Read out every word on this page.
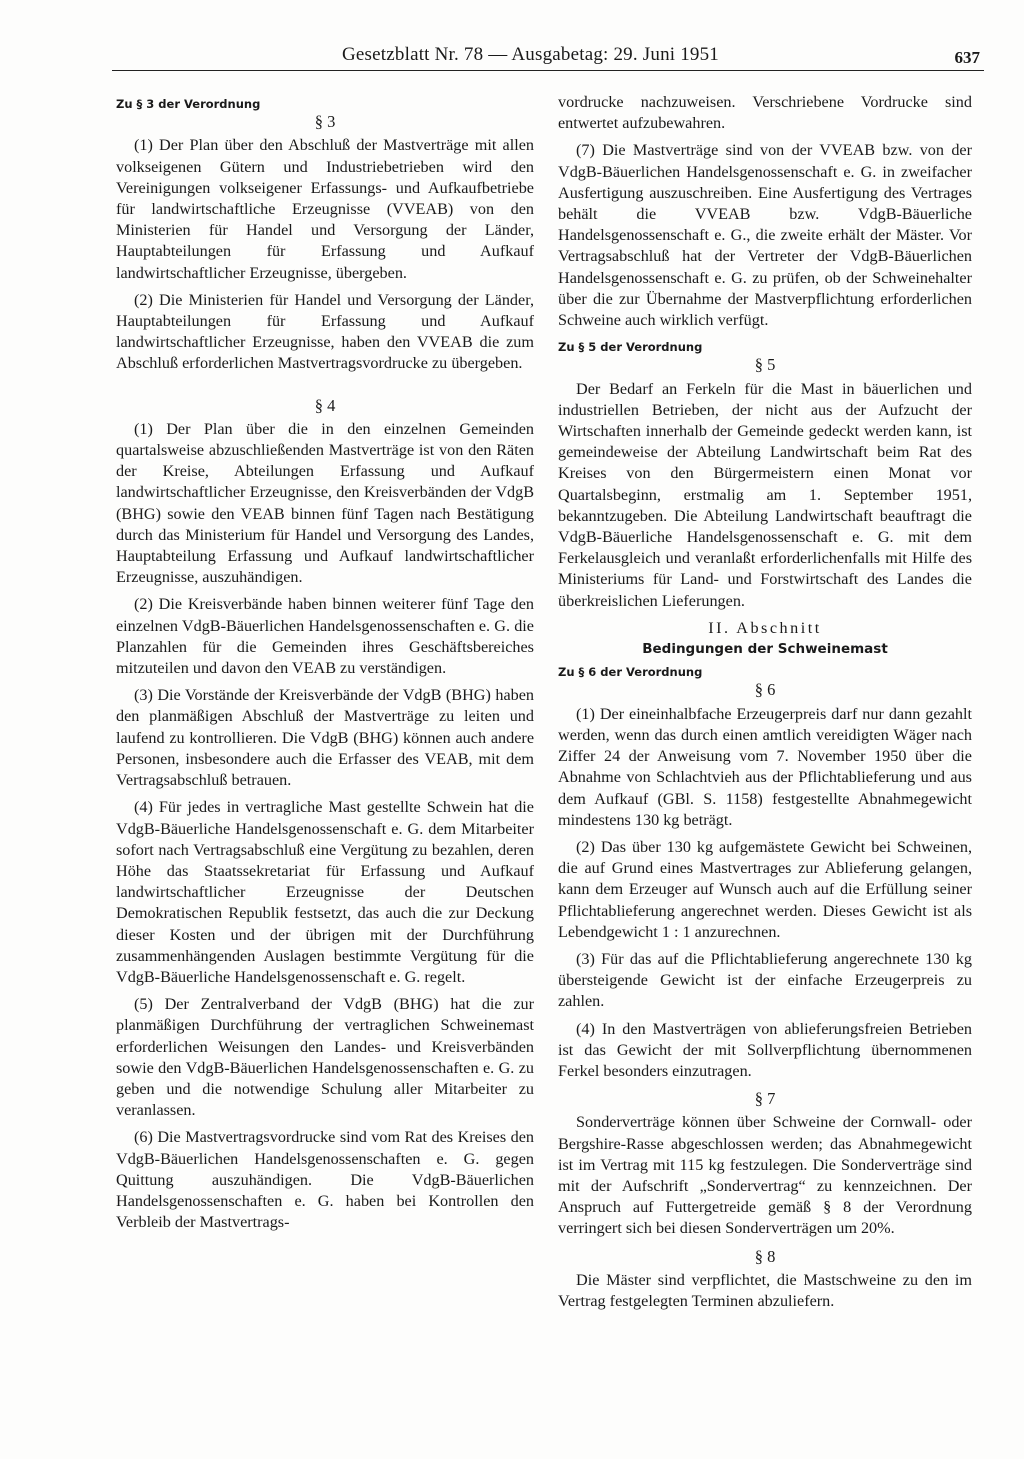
Gesetzblatt Nr. 78 — Ausgabetag: 29. Juni 1951	637
Zu § 3 der Verordnung
§ 3

(1) Der Plan über den Abschluß der Mastverträge mit allen volkseigenen Gütern und Industriebetrieben wird den Vereinigungen volkseigener Erfassungs- und Aufkaufbetriebe für landwirtschaftliche Erzeugnisse (VVEAB) von den Ministerien für Handel und Versorgung der Länder, Hauptabteilungen für Erfassung und Aufkauf landwirtschaftlicher Erzeugnisse, übergeben.

(2) Die Ministerien für Handel und Versorgung der Länder, Hauptabteilungen für Erfassung und Aufkauf landwirtschaftlicher Erzeugnisse, haben den VVEAB die zum Abschluß erforderlichen Mastvertragsvordrucke zu übergeben.

§ 4

(1) Der Plan über die in den einzelnen Gemeinden quartalsweise abzuschließenden Mastverträge ist von den Räten der Kreise, Abteilungen Erfassung und Aufkauf landwirtschaftlicher Erzeugnisse, den Kreisverbänden der VdgB (BHG) sowie den VEAB binnen fünf Tagen nach Bestätigung durch das Ministerium für Handel und Versorgung des Landes, Hauptabteilung Erfassung und Aufkauf landwirtschaftlicher Erzeugnisse, auszuhändigen.

(2) Die Kreisverbände haben binnen weiterer fünf Tage den einzelnen VdgB-Bäuerlichen Handelsgenossenschaften e. G. die Planzahlen für die Gemeinden ihres Geschäftsbereiches mitzuteilen und davon den VEAB zu verständigen.

(3) Die Vorstände der Kreisverbände der VdgB (BHG) haben den planmäßigen Abschluß der Mastverträge zu leiten und laufend zu kontrollieren. Die VdgB (BHG) können auch andere Personen, insbesondere auch die Erfasser des VEAB, mit dem Vertragsabschluß betrauen.

(4) Für jedes in vertragliche Mast gestellte Schwein hat die VdgB-Bäuerliche Handelsgenossenschaft e. G. dem Mitarbeiter sofort nach Vertragsabschluß eine Vergütung zu bezahlen, deren Höhe das Staatssekretariat für Erfassung und Aufkauf landwirtschaftlicher Erzeugnisse der Deutschen Demokratischen Republik festsetzt, das auch die zur Deckung dieser Kosten und der übrigen mit der Durchführung zusammenhängenden Auslagen bestimmte Vergütung für die VdgB-Bäuerliche Handelsgenossenschaft e. G. regelt.

(5) Der Zentralverband der VdgB (BHG) hat die zur planmäßigen Durchführung der vertraglichen Schweinemast erforderlichen Weisungen den Landes- und Kreisverbänden sowie den VdgB-Bäuerlichen Handelsgenossenschaften e. G. zu geben und die notwendige Schulung aller Mitarbeiter zu veranlassen.

(6) Die Mastvertragsvordrucke sind vom Rat des Kreises den VdgB-Bäuerlichen Handelsgenossenschaften e. G. gegen Quittung auszuhändigen. Die VdgB-Bäuerlichen Handelsgenossenschaften e. G. haben bei Kontrollen den Verbleib der Mastvertrags-

vordrucke nachzuweisen. Verschriebene Vordrucke sind entwertet aufzubewahren.

(7) Die Mastverträge sind von der VVEAB bzw. von der VdgB-Bäuerlichen Handelsgenossenschaft e. G. in zweifacher Ausfertigung auszuschreiben. Eine Ausfertigung des Vertrages behält die VVEAB bzw. VdgB-Bäuerliche Handelsgenossenschaft e. G., die zweite erhält der Mäster. Vor Vertragsabschluß hat der Vertreter der VdgB-Bäuerlichen Handelsgenossenschaft e. G. zu prüfen, ob der Schweinehalter über die zur Übernahme der Mastverpflichtung erforderlichen Schweine auch wirklich verfügt.

Zu § 5 der Verordnung
§ 5

Der Bedarf an Ferkeln für die Mast in bäuerlichen und industriellen Betrieben, der nicht aus der Aufzucht der Wirtschaften innerhalb der Gemeinde gedeckt werden kann, ist gemeindeweise der Abteilung Landwirtschaft beim Rat des Kreises von den Bürgermeistern einen Monat vor Quartalsbeginn, erstmalig am 1. September 1951, bekanntzugeben. Die Abteilung Landwirtschaft beauftragt die VdgB-Bäuerliche Handelsgenossenschaft e. G. mit dem Ferkelausgleich und veranlaßt erforderlichenfalls mit Hilfe des Ministeriums für Land- und Forstwirtschaft des Landes die überkreislichen Lieferungen.

II. Abschnitt
Bedingungen der Schweinemast
Zu § 6 der Verordnung
§ 6

(1) Der eineinhalbfache Erzeugerpreis darf nur dann gezahlt werden, wenn das durch einen amtlich vereidigten Wäger nach Ziffer 24 der Anweisung vom 7. November 1950 über die Abnahme von Schlachtvieh aus der Pflichtablieferung und aus dem Aufkauf (GBl. S. 1158) festgestellte Abnahmegewicht mindestens 130 kg beträgt.

(2) Das über 130 kg aufgemästete Gewicht bei Schweinen, die auf Grund eines Mastvertrages zur Ablieferung gelangen, kann dem Erzeuger auf Wunsch auch auf die Erfüllung seiner Pflichtablieferung angerechnet werden. Dieses Gewicht ist als Lebendgewicht 1 : 1 anzurechnen.

(3) Für das auf die Pflichtablieferung angerechnete 130 kg übersteigende Gewicht ist der einfache Erzeugerpreis zu zahlen.

(4) In den Mastverträgen von ablieferungsfreien Betrieben ist das Gewicht der mit Sollverpflichtung übernommenen Ferkel besonders einzutragen.

§ 7

Sonderverträge können über Schweine der Cornwall- oder Bergshire-Rasse abgeschlossen werden; das Abnahmegewicht ist im Vertrag mit 115 kg festzulegen. Die Sonderverträge sind mit der Aufschrift „Sondervertrag“ zu kennzeichnen. Der Anspruch auf Futtergetreide gemäß § 8 der Verordnung verringert sich bei diesen Sonderverträgen um 20%.

§ 8

Die Mäster sind verpflichtet, die Mastschweine zu den im Vertrag festgelegten Terminen abzuliefern.
